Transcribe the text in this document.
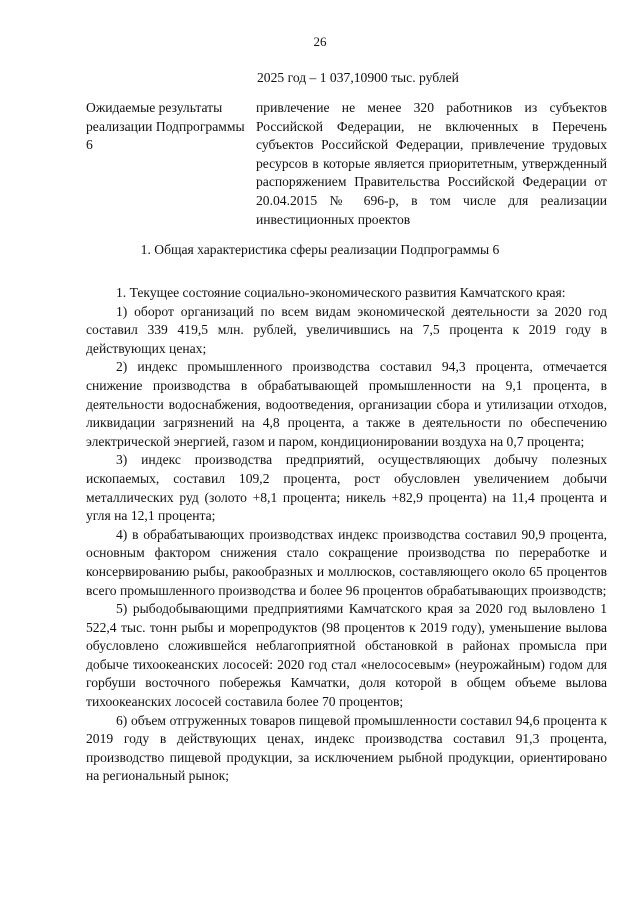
26
2025 год – 1 037,10900 тыс. рублей
Ожидаемые результаты реализации Подпрограммы 6
привлечение не менее 320 работников из субъектов Российской Федерации, не включенных в Перечень субъектов Российской Федерации, привлечение трудовых ресурсов в которые является приоритетным, утвержденный распоряжением Правительства Российской Федерации от 20.04.2015 № 696-р, в том числе для реализации инвестиционных проектов
1. Общая характеристика сферы реализации Подпрограммы 6

1. Текущее состояние социально-экономического развития Камчатского края:

1) оборот организаций по всем видам экономической деятельности за 2020 год составил 339 419,5 млн. рублей, увеличившись на 7,5 процента к 2019 году в действующих ценах;

2) индекс промышленного производства составил 94,3 процента, отмечается снижение производства в обрабатывающей промышленности на 9,1 процента, в деятельности водоснабжения, водоотведения, организации сбора и утилизации отходов, ликвидации загрязнений на 4,8 процента, а также в деятельности по обеспечению электрической энергией, газом и паром, кондиционировании воздуха на 0,7 процента;

3) индекс производства предприятий, осуществляющих добычу полезных ископаемых, составил 109,2 процента, рост обусловлен увеличением добычи металлических руд (золото +8,1 процента; никель +82,9 процента) на 11,4 процента и угля на 12,1 процента;

4) в обрабатывающих производствах индекс производства составил 90,9 процента, основным фактором снижения стало сокращение производства по переработке и консервированию рыбы, ракообразных и моллюсков, составляющего около 65 процентов всего промышленного производства и более 96 процентов обрабатывающих производств;

5) рыбодобывающими предприятиями Камчатского края за 2020 год выловлено 1 522,4 тыс. тонн рыбы и морепродуктов (98 процентов к 2019 году), уменьшение вылова обусловлено сложившейся неблагоприятной обстановкой в районах промысла при добыче тихоокеанских лососей: 2020 год стал «нелососевым» (неурожайным) годом для горбуши восточного побережья Камчатки, доля которой в общем объеме вылова тихоокеанских лососей составила более 70 процентов;

6) объем отгруженных товаров пищевой промышленности составил 94,6 процента к 2019 году в действующих ценах, индекс производства составил 91,3 процента, производство пищевой продукции, за исключением рыбной продукции, ориентировано на региональный рынок;
